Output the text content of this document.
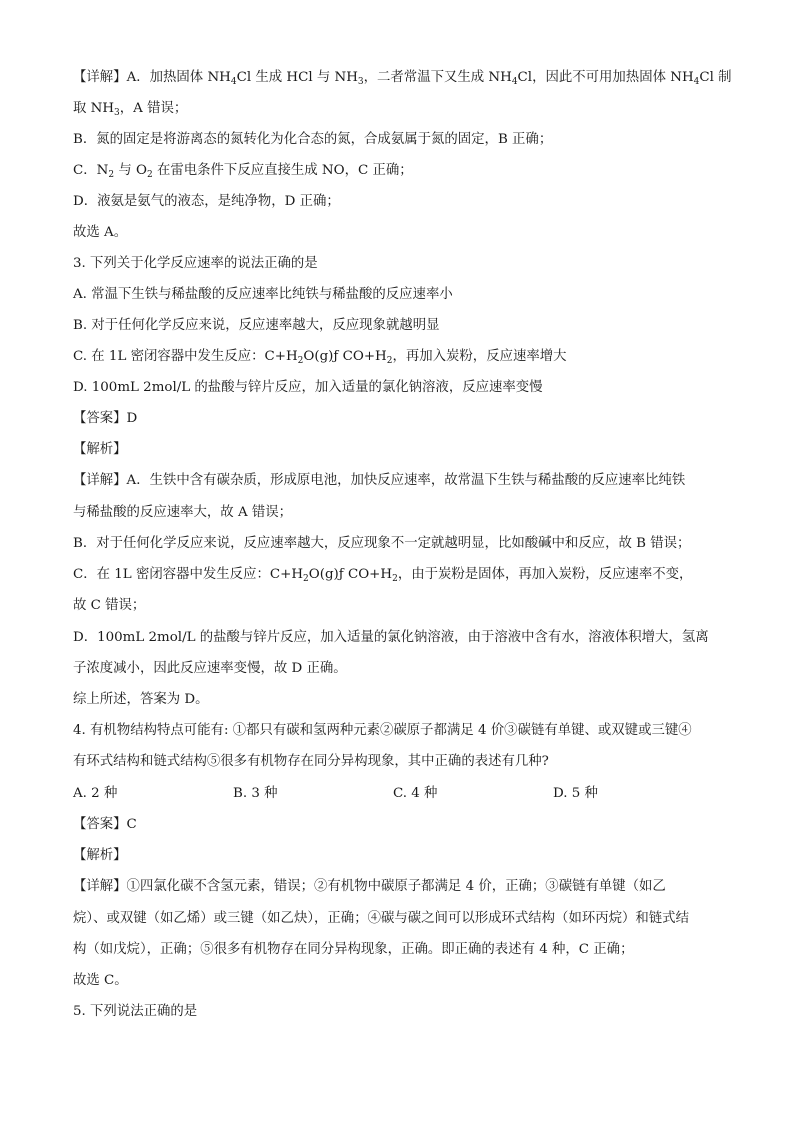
【详解】A．加热固体 $NH_4Cl$ 生成 HCl 与 $NH_3$，二者常温下又生成 $NH_4Cl$，因此不可用加热固体 $NH_4Cl$ 制
取 $NH_3$，A 错误；
B．氮的固定是将游离态的氮转化为化合态的氮，合成氨属于氮的固定，B 正确；
C．$N_2$ 与 $O_2$ 在雷电条件下反应直接生成 NO，C 正确；
D．液氨是氨气的液态，是纯净物，D 正确；
故选 A。
3. 下列关于化学反应速率的说法正确的是
A. 常温下生铁与稀盐酸的反应速率比纯铁与稀盐酸的反应速率小
B. 对于任何化学反应来说，反应速率越大，反应现象就越明显
C. 在 1L 密闭容器中发生反应：$C+H_2O(g)ƒ$ $CO+H_2$，再加入炭粉，反应速率增大
D. 100mL 2mol/L 的盐酸与锌片反应，加入适量的氯化钠溶液，反应速率变慢
【答案】D
【解析】
【详解】A．生铁中含有碳杂质，形成原电池，加快反应速率，故常温下生铁与稀盐酸的反应速率比纯铁
与稀盐酸的反应速率大，故 A 错误；
B．对于任何化学反应来说，反应速率越大，反应现象不一定就越明显，比如酸碱中和反应，故 B 错误；
C．在 1L 密闭容器中发生反应：$C+H_2O(g)ƒ$ $CO+H_2$，由于炭粉是固体，再加入炭粉，反应速率不变，
故 C 错误；
D．100mL 2mol/L 的盐酸与锌片反应，加入适量的氯化钠溶液，由于溶液中含有水，溶液体积增大，氢离
子浓度减小，因此反应速率变慢，故 D 正确。
综上所述，答案为 D。
4. 有机物结构特点可能有: ①都只有碳和氢两种元素②碳原子都满足 4 价③碳链有单键、或双键或三键④
有环式结构和链式结构⑤很多有机物存在同分异构现象，其中正确的表述有几种?
A. 2 种	B. 3 种	C. 4 种	D. 5 种
【答案】C
【解析】
【详解】①四氯化碳不含氢元素，错误；②有机物中碳原子都满足 4 价，正确；③碳链有单键（如乙
烷）、或双键（如乙烯）或三键（如乙炔），正确；④碳与碳之间可以形成环式结构（如环丙烷）和链式结
构（如戊烷），正确；⑤很多有机物存在同分异构现象，正确。即正确的表述有 4 种，C 正确；
故选 C。
5. 下列说法正确的是
